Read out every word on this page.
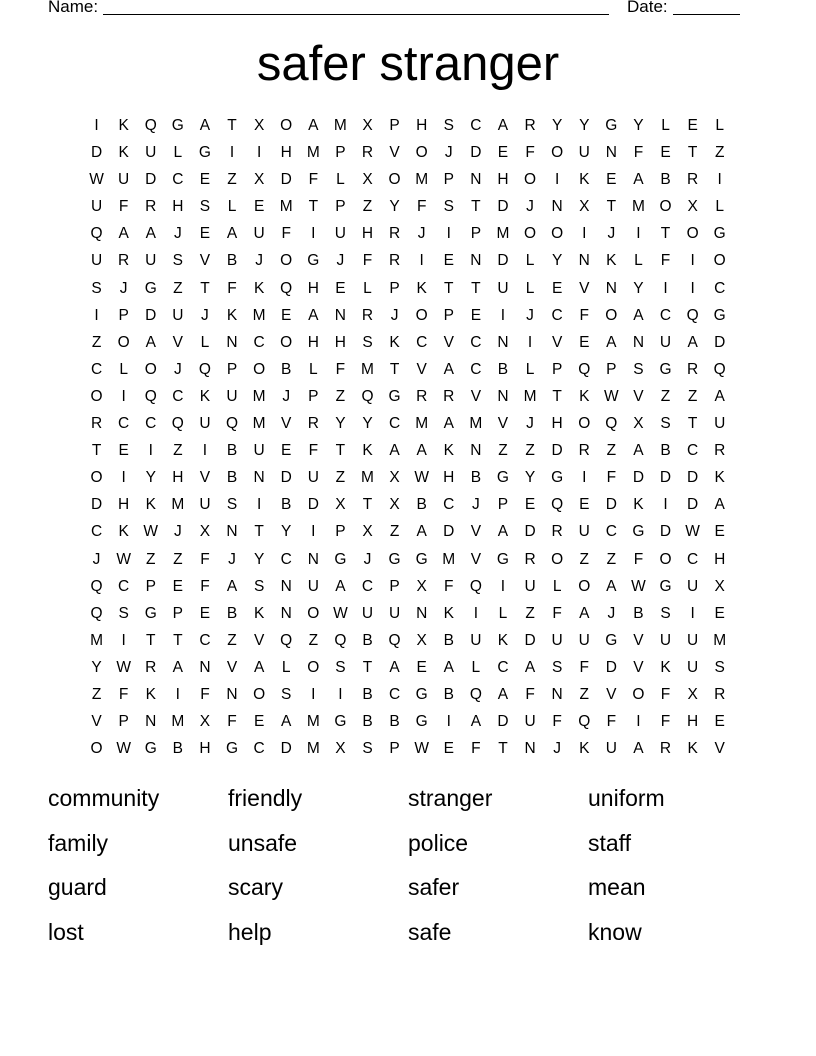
Name:	Date:
safer stranger
I	K	Q G	A	T	X	O	A M X	P	H	S	C	A	R	Y	Y	G	Y	L	E	L
D	K	U	L	G	I	I	H M P	R	V	O	J	D	E	F	O U	N	F	E	T	Z
W U	D	C	E	Z	X	D	F	L	X	O M P	N	H O	I	K	E	A	B	R	I
U	F	R	H	S	L	E M	T	P	Z	Y	F	S	T	D	J	N	X	T	M O	X	L
Q	A	A	J	E	A	U	F	I	U	H	R	J	I	P M O O	I	J	I	T	O G
U	R	U	S	V	B	J	O G	J	F	R	I	E	N	D	L	Y	N	K	L	F	I	O
S	J	G	Z	T	F	K	Q H	E	L	P	K	T	T	U	L	E	V	N	Y	I	I	C
I	P	D	U	J	K M E	A	N	R	J	O	P	E	I	J	C	F	O	A	C Q G
Z	O	A	V	L	N	C O H	H	S	K	C	V	C	N	I	V	E	A	N	U	A	D
C	L	O	J	Q	P	O	B	L	F	M	T	V	A	C	B	L	P	Q	P	S	G R Q
O	I	Q C	K	U M	J	P	Z	Q G R	R	V	N M	T	K W V	Z	Z	A
R	C	C Q U Q M V	R	Y	Y	C M A M V	J	H O Q	X	S	T	U
T	E	I	Z	I	B	U	E	F	T	K	A	A	K	N	Z	Z	D	R	Z	A	B	C	R
O	I	Y	H	V	B	N	D	U	Z	M X W H	B	G	Y	G	I	F	D	D	D	K
D	H	K M U	S	I	B	D	X	T	X	B	C	J	P	E	Q	E	D	K	I	D	A
C	K W	J	X	N	T	Y	I	P	X	Z	A	D	V	A	D	R	U	C G D W E
J	W Z	Z	F	J	Y	C	N G	J	G G M V	G R O	Z	Z	F	O C	H
Q C	P	E	F	A	S	N	U	A	C	P	X	F	Q	I	U	L	O	A W G U	X
Q	S	G	P	E	B	K	N O W U	U	N	K	I	L	Z	F	A	J	B	S	I	E
M	I	T	T	C	Z	V	Q	Z	Q	B	Q	X	B	U	K	D	U	U G	V	U	U M
Y W R	A	N	V	A	L	O	S	T	A	E	A	L	C	A	S	F	D	V	K	U	S
Z	F	K	I	F	N O	S	I	I	B	C G	B	Q	A	F	N	Z	V	O	F	X	R
V	P	N M X	F	E	A M G	B	B	G	I	A	D	U	F	Q	F	I	F	H	E
O W G	B	H G C	D M X	S	P W E	F	T	N	J	K	U	A	R	K	V
community	friendly	stranger	uniform
family	unsafe	police	staff
guard	scary	safer	mean
lost	help	safe	know
